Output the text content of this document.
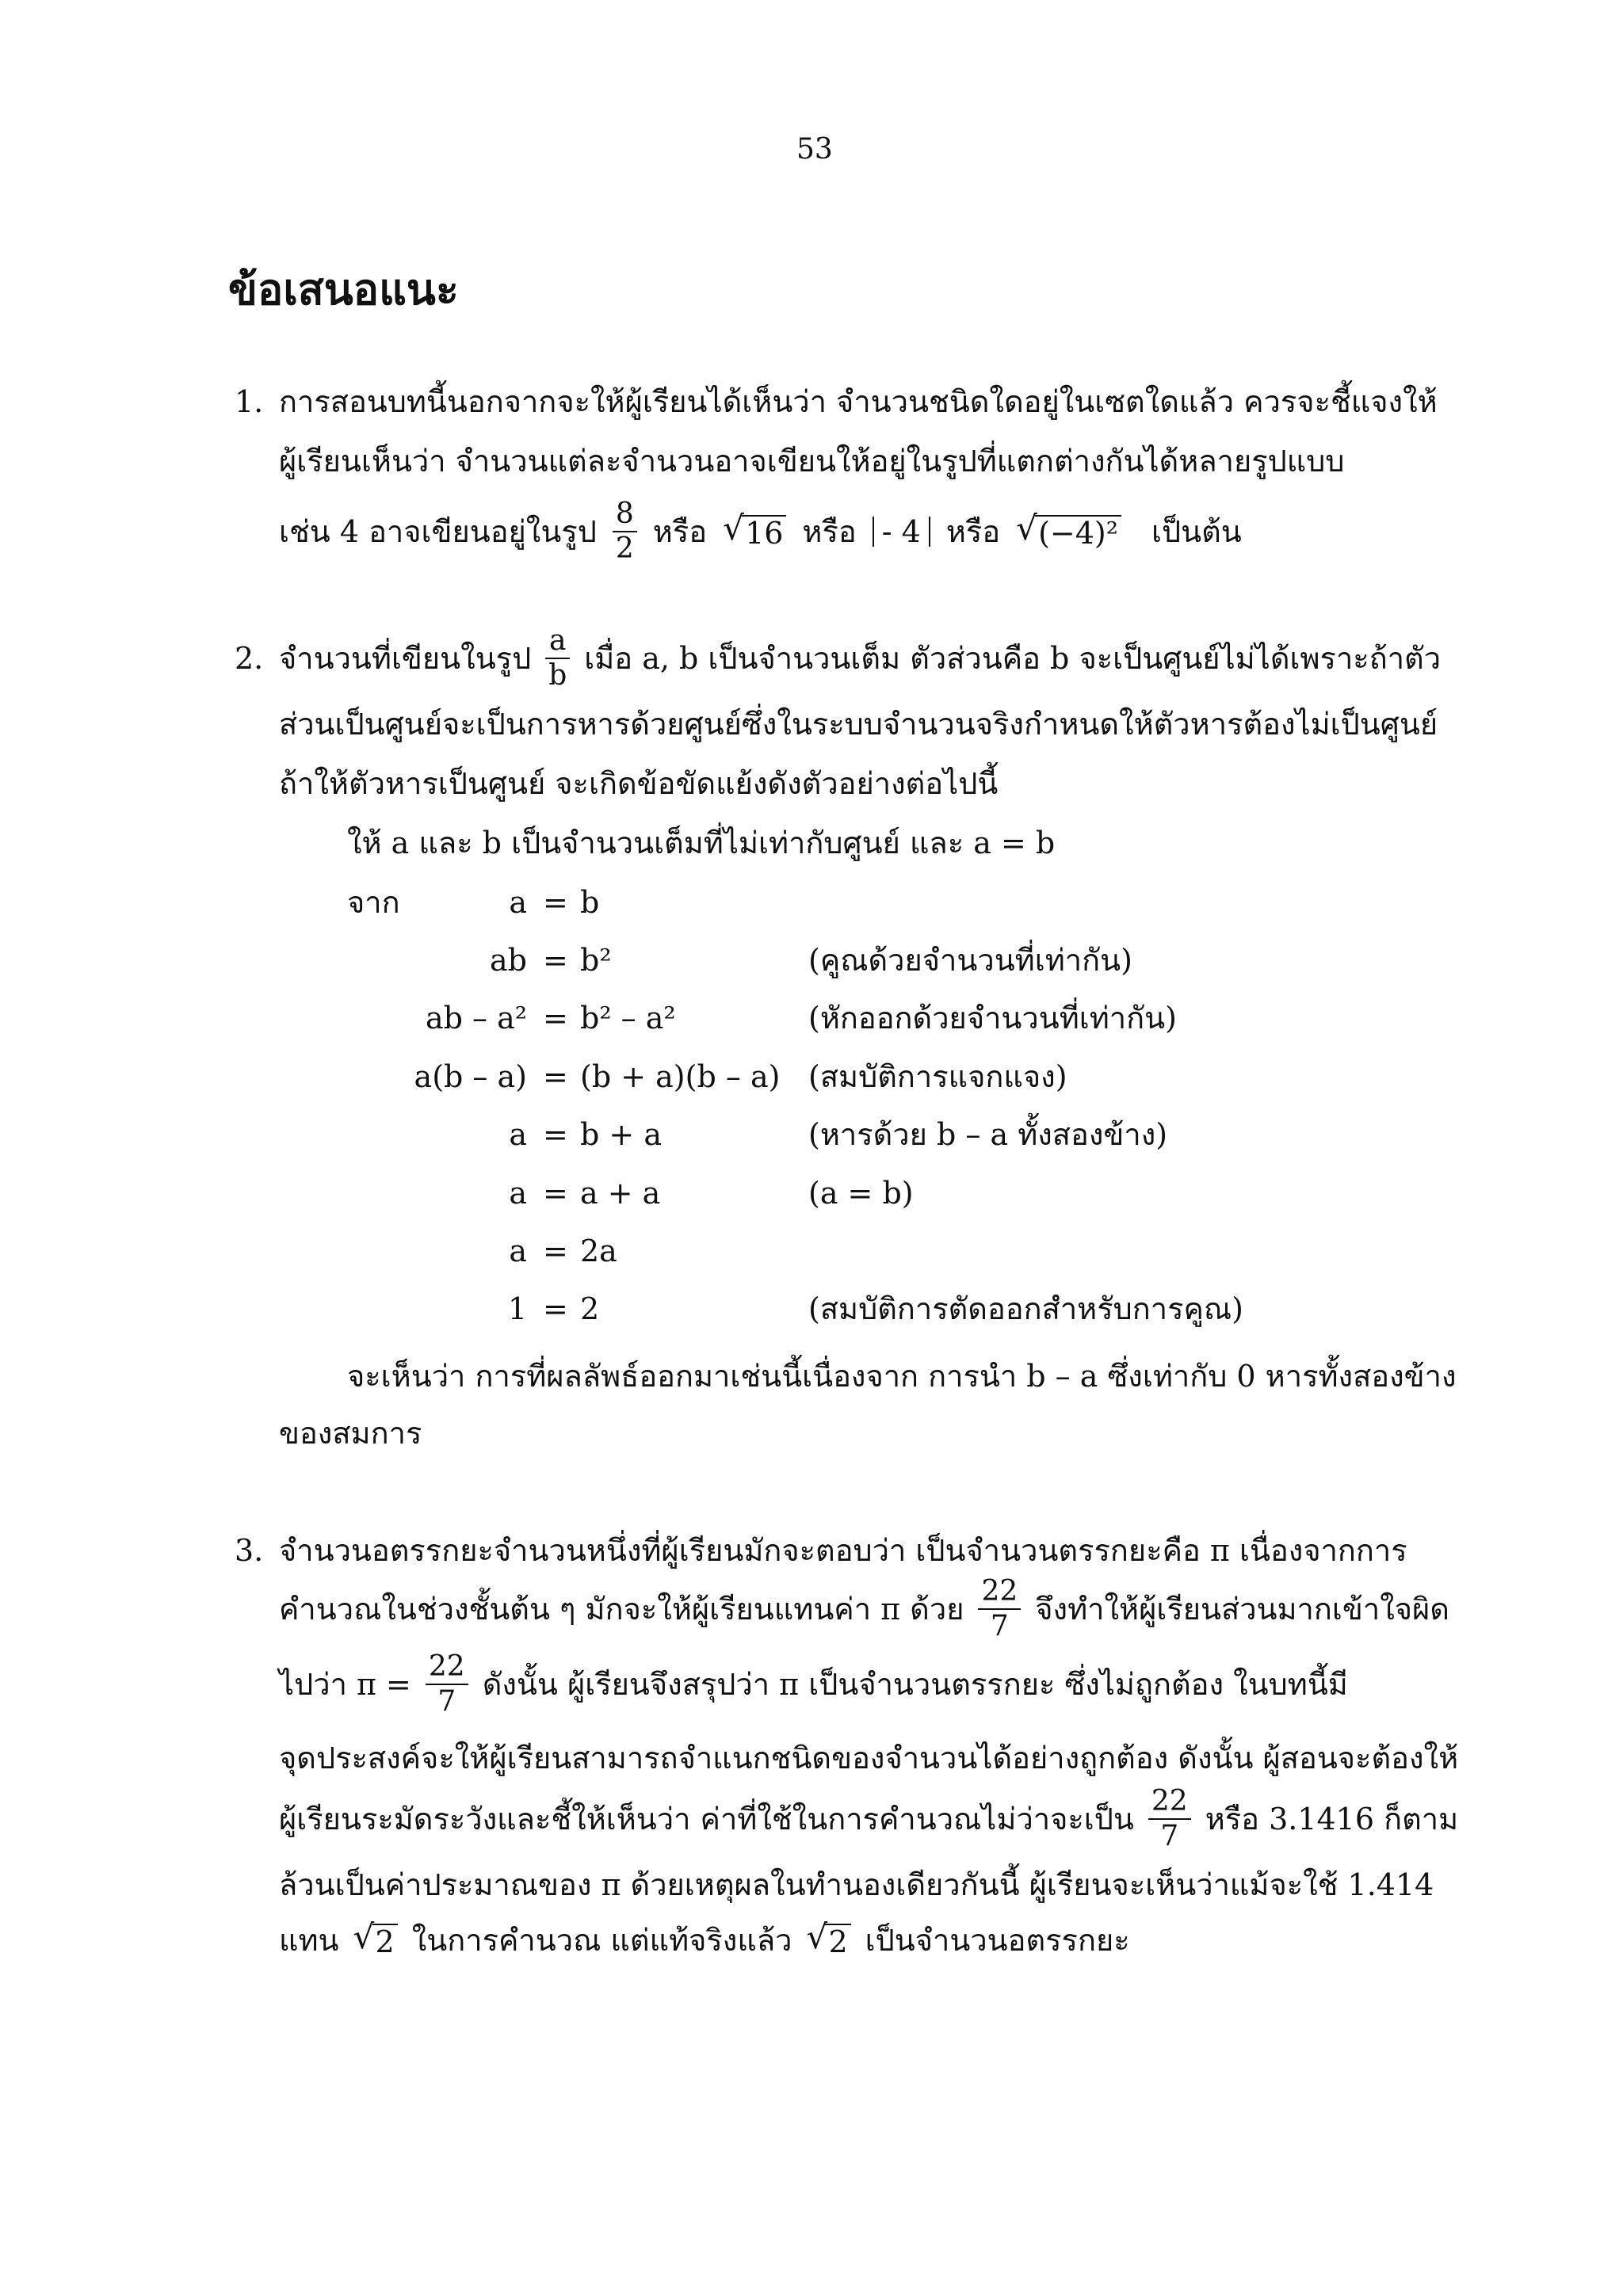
53
ข้อเสนอแนะ
1. การสอนบทนี้นอกจากจะให้ผู้เรียนได้เห็นว่า จำนวนชนิดใดอยู่ในเซตใดแล้ว ควรจะชี้แจงให้
ผู้เรียนเห็นว่า จำนวนแต่ละจำนวนอาจเขียนให้อยู่ในรูปที่แตกต่างกันได้หลายรูปแบบ
เช่น 4 อาจเขียนอยู่ในรูป $\frac{8}{2}$ หรือ √ 16 หรือ - 4 หรือ √ (−4)² เป็นต้น
2. จำนวนที่เขียนในรูป $\frac{a}{b}$ เมื่อ a, b เป็นจำนวนเต็ม ตัวส่วนคือ b จะเป็นศูนย์ไม่ได้เพราะถ้าตัว
ส่วนเป็นศูนย์จะเป็นการหารด้วยศูนย์ซึ่งในระบบจำนวนจริงกำหนดให้ตัวหารต้องไม่เป็นศูนย์
ถ้าให้ตัวหารเป็นศูนย์ จะเกิดข้อขัดแย้งดังตัวอย่างต่อไปนี้
ให้ a และ b เป็นจำนวนเต็มที่ไม่เท่ากับศูนย์ และ a = b
จาก	a = b
ab = b²	(คูณด้วยจำนวนที่เท่ากัน)
ab – a² = b² – a²	(หักออกด้วยจำนวนที่เท่ากัน)
a(b – a) = (b + a)(b – a) (สมบัติการแจกแจง)
a = b + a	(หารด้วย b – a ทั้งสองข้าง)
a = a + a	(a = b)
a = 2a
1 = 2	(สมบัติการตัดออกสำหรับการคูณ)
จะเห็นว่า การที่ผลลัพธ์ออกมาเช่นนี้เนื่องจาก การนำ b – a ซึ่งเท่ากับ 0 หารทั้งสองข้าง
ของสมการ
3. จำนวนอตรรกยะจำนวนหนึ่งที่ผู้เรียนมักจะตอบว่า เป็นจำนวนตรรกยะคือ π เนื่องจากการ
คำนวณในช่วงชั้นต้น ๆ มักจะให้ผู้เรียนแทนค่า π ด้วย $\frac{22}{7}$ จึงทำให้ผู้เรียนส่วนมากเข้าใจผิด
ไปว่า $\pi = \frac{22}{7}$ ดังนั้น ผู้เรียนจึงสรุปว่า π เป็นจำนวนตรรกยะ ซึ่งไม่ถูกต้อง ในบทนี้มี
จุดประสงค์จะให้ผู้เรียนสามารถจำแนกชนิดของจำนวนได้อย่างถูกต้อง ดังนั้น ผู้สอนจะต้องให้
ผู้เรียนระมัดระวังและชี้ให้เห็นว่า ค่าที่ใช้ในการคำนวณไม่ว่าจะเป็น $\frac{22}{7}$ หรือ 3.1416 ก็ตาม
ล้วนเป็นค่าประมาณของ π ด้วยเหตุผลในทำนองเดียวกันนี้ ผู้เรียนจะเห็นว่าแม้จะใช้ 1.414
แทน √ 2 ในการคำนวณ แต่แท้จริงแล้ว √ 2 เป็นจำนวนอตรรกยะ
